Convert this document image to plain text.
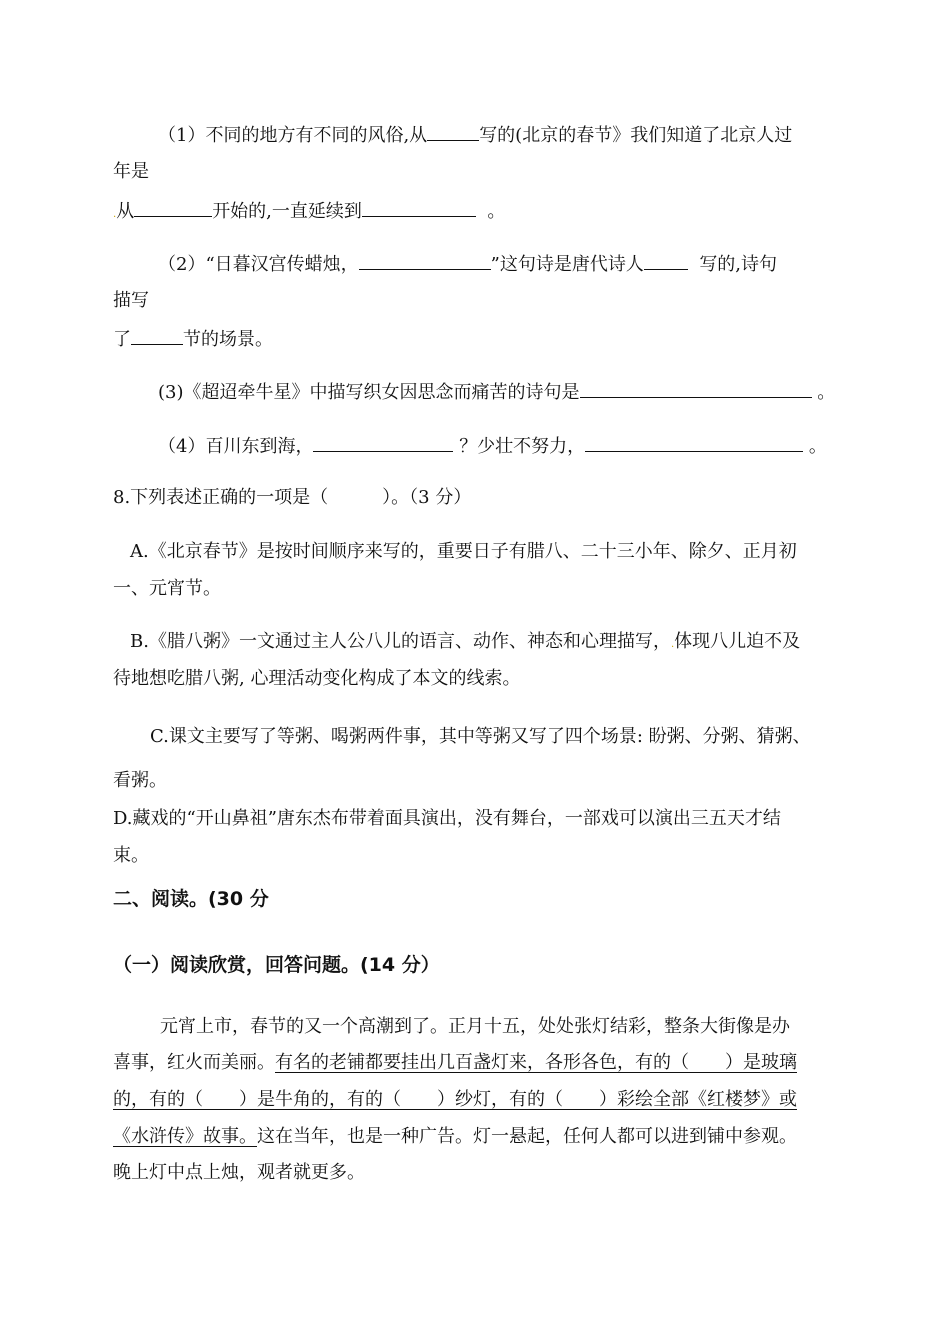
（1）不同的地方有不同的风俗,从	写的(北京的春节》我们知道了北京人过
年是
.从	开始的,一直延续到	。
（2）“日暮汉宫传蜡烛，	”这句诗是唐代诗人	写的,诗句
描写
了	节的场景。
(3)《超迢牵牛星》中描写织女因思念而痛苦的诗句是	。
（4）百川东到海，	？少壮不努力，	。
8.下列表述正确的一项是（　　　）。（3 分）
A.《北京春节》是按时间顺序来写的，重要日子有腊八、二十三小年、除夕、正月初
一、元宵节。
B.《腊八粥》一文通过主人公八儿的语言、动作、神态和心理描写，.体现八儿迫不及
待地想吃腊八粥, 心理活动变化构成了本文的线索。
C.课文主要写了等粥、喝粥两件事，其中等粥又写了四个场景: 盼粥、分粥、猜粥、
看粥。
D.藏戏的“开山鼻祖”唐东杰布带着面具演出，没有舞台，一部戏可以演出三五天才结
束。
二、阅读。(30 分
（一）阅读欣赏，回答问题。(14 分）
元宵上市，春节的又一个高潮到了。正月十五，处处张灯结彩，整条大街像是办
喜事，红火而美丽。有名的老铺都要挂出几百盏灯来，各形各色，有的（　　）是玻璃
的，有的（　　）是牛角的，有的（　　）纱灯，有的（　　）彩绘全部《红楼梦》或
《水浒传》故事。这在当年，也是一种广告。灯一悬起，任何人都可以进到铺中参观。
晚上灯中点上烛，观者就更多。
